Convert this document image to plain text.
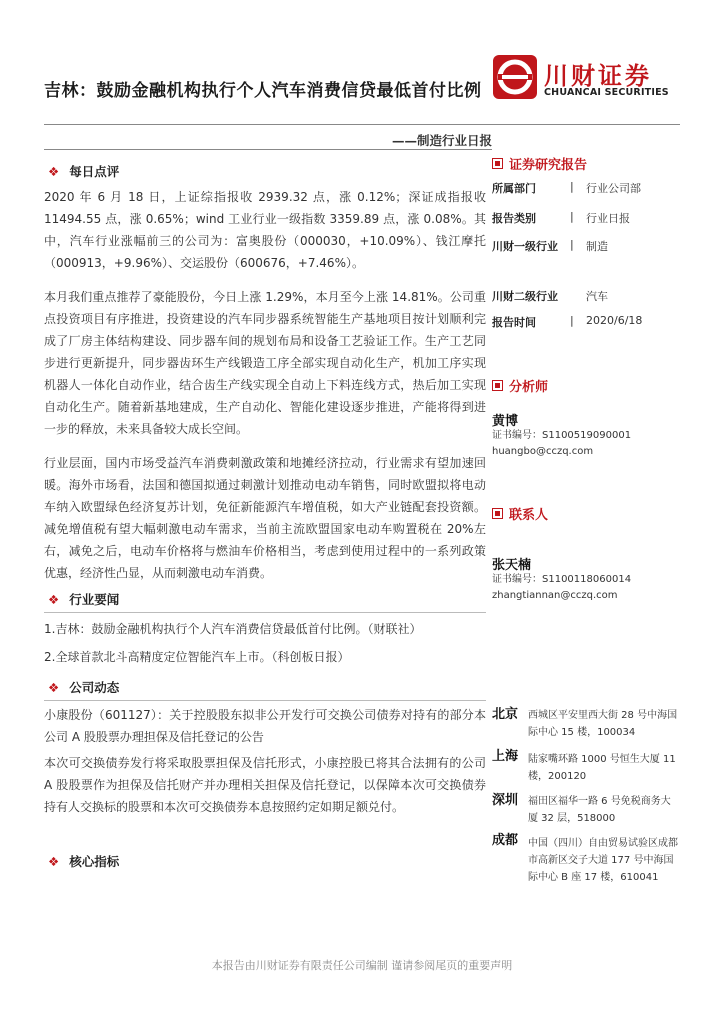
吉林：鼓励金融机构执行个人汽车消费信贷最低首付比例
川财证券
CHUANCAI SECURITIES
——制造行业日报
❖ 每日点评

2020 年 6 月 18 日，上证综指报收 2939.32 点，涨 0.12%；深证成指报收 11494.55 点，涨 0.65%；wind 工业行业一级指数 3359.89 点，涨 0.08%。其中，汽车行业涨幅前三的公司为：富奥股份（000030，+10.09%）、钱江摩托（000913，+9.96%）、交运股份（600676，+7.46%）。

本月我们重点推荐了豪能股份，今日上涨 1.29%，本月至今上涨 14.81%。公司重点投资项目有序推进，投资建设的汽车同步器系统智能生产基地项目按计划顺利完成了厂房主体结构建设、同步器车间的规划布局和设备工艺验证工作。生产工艺同步进行更新提升，同步器齿环生产线锻造工序全部实现自动化生产，机加工序实现机器人一体化自动作业，结合齿生产线实现全自动上下料连线方式，热后加工实现自动化生产。随着新基地建成，生产自动化、智能化建设逐步推进，产能将得到进一步的释放，未来具备较大成长空间。

行业层面，国内市场受益汽车消费刺激政策和地摊经济拉动，行业需求有望加速回暖。海外市场看，法国和德国拟通过刺激计划推动电动车销售，同时欧盟拟将电动车纳入欧盟绿色经济复苏计划，免征新能源汽车增值税，如大产业链配套投资额。减免增值税有望大幅刺激电动车需求，当前主流欧盟国家电动车购置税在 20%左右，减免之后，电动车价格将与燃油车价格相当，考虑到使用过程中的一系列政策优惠，经济性凸显，从而刺激电动车消费。

❖ 行业要闻
1.吉林：鼓励金融机构执行个人汽车消费信贷最低首付比例。（财联社）
2.全球首款北斗高精度定位智能汽车上市。（科创板日报）
❖ 公司动态

小康股份（601127）：关于控股股东拟非公开发行可交换公司债券对持有的部分本公司 A 股股票办理担保及信托登记的公告

本次可交换债券发行将采取股票担保及信托形式，小康控股已将其合法拥有的公司 A 股股票作为担保及信托财产并办理相关担保及信托登记，以保障本次可交换债券持有人交换标的股票和本次可交换债券本息按照约定如期足额兑付。

❖ 核心指标
证券研究报告
所属部门	| 行业公司部
报告类别	| 行业日报
川财一级行业 | 制造
川财二级行业	汽车
报告时间	| 2020/6/18
分析师
黄博
证书编号：S1100519090001
huangbo@cczq.com
联系人
张天楠
证书编号：S1100118060014
zhangtiannan@cczq.com
北京 西城区平安里西大街 28 号中海国际中心 15 楼，100034
上海 陆家嘴环路 1000 号恒生大厦 11 楼，200120
深圳 福田区福华一路 6 号免税商务大厦 32 层，518000
成都 中国（四川）自由贸易试验区成都市高新区交子大道 177 号中海国际中心 B 座 17 楼，610041
本报告由川财证券有限责任公司编制 谨请参阅尾页的重要声明
